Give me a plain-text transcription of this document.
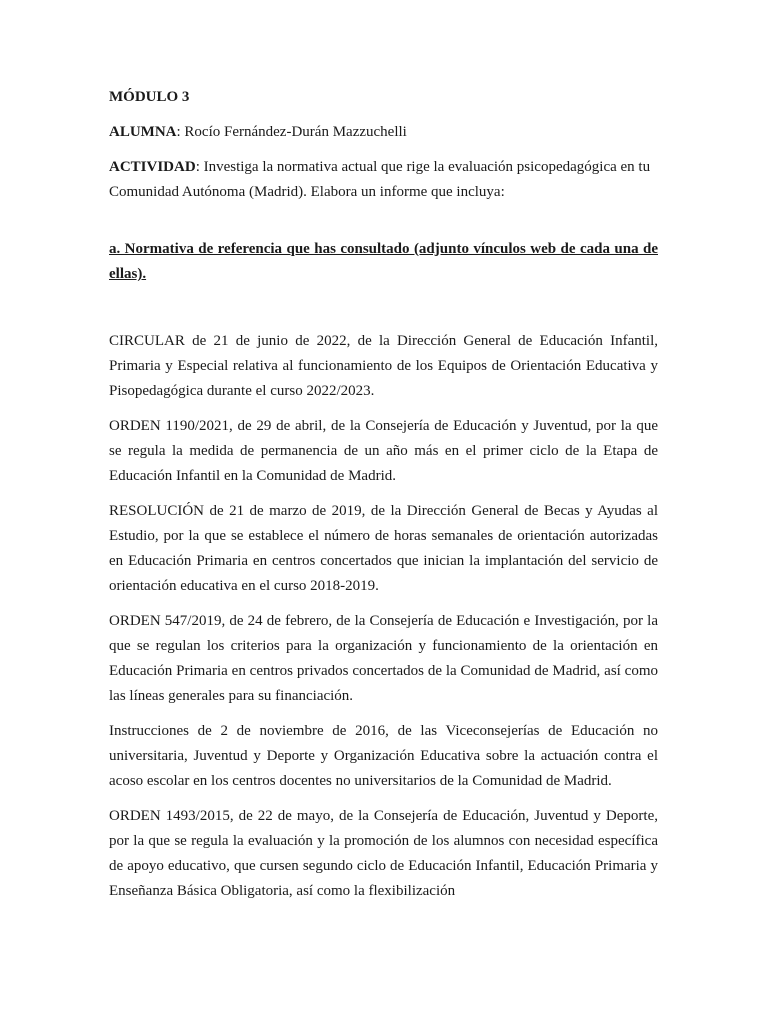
MÓDULO 3

ALUMNA: Rocío Fernández-Durán Mazzuchelli

ACTIVIDAD: Investiga la normativa actual que rige la evaluación psicopedagógica en tu Comunidad Autónoma (Madrid). Elabora un informe que incluya:

a. Normativa de referencia que has consultado (adjunto vínculos web de cada una de ellas).

CIRCULAR de 21 de junio de 2022, de la Dirección General de Educación Infantil, Primaria y Especial relativa al funcionamiento de los Equipos de Orientación Educativa y Pisopedagógica durante el curso 2022/2023.

ORDEN 1190/2021, de 29 de abril, de la Consejería de Educación y Juventud, por la que se regula la medida de permanencia de un año más en el primer ciclo de la Etapa de Educación Infantil en la Comunidad de Madrid.

RESOLUCIÓN de 21 de marzo de 2019, de la Dirección General de Becas y Ayudas al Estudio, por la que se establece el número de horas semanales de orientación autorizadas en Educación Primaria en centros concertados que inician la implantación del servicio de orientación educativa en el curso 2018-2019.

ORDEN 547/2019, de 24 de febrero, de la Consejería de Educación e Investigación, por la que se regulan los criterios para la organización y funcionamiento de la orientación en Educación Primaria en centros privados concertados de la Comunidad de Madrid, así como las líneas generales para su financiación.

Instrucciones de 2 de noviembre de 2016, de las Viceconsejerías de Educación no universitaria, Juventud y Deporte y Organización Educativa sobre la actuación contra el acoso escolar en los centros docentes no universitarios de la Comunidad de Madrid.

ORDEN 1493/2015, de 22 de mayo, de la Consejería de Educación, Juventud y Deporte, por la que se regula la evaluación y la promoción de los alumnos con necesidad específica de apoyo educativo, que cursen segundo ciclo de Educación Infantil, Educación Primaria y Enseñanza Básica Obligatoria, así como la flexibilización
